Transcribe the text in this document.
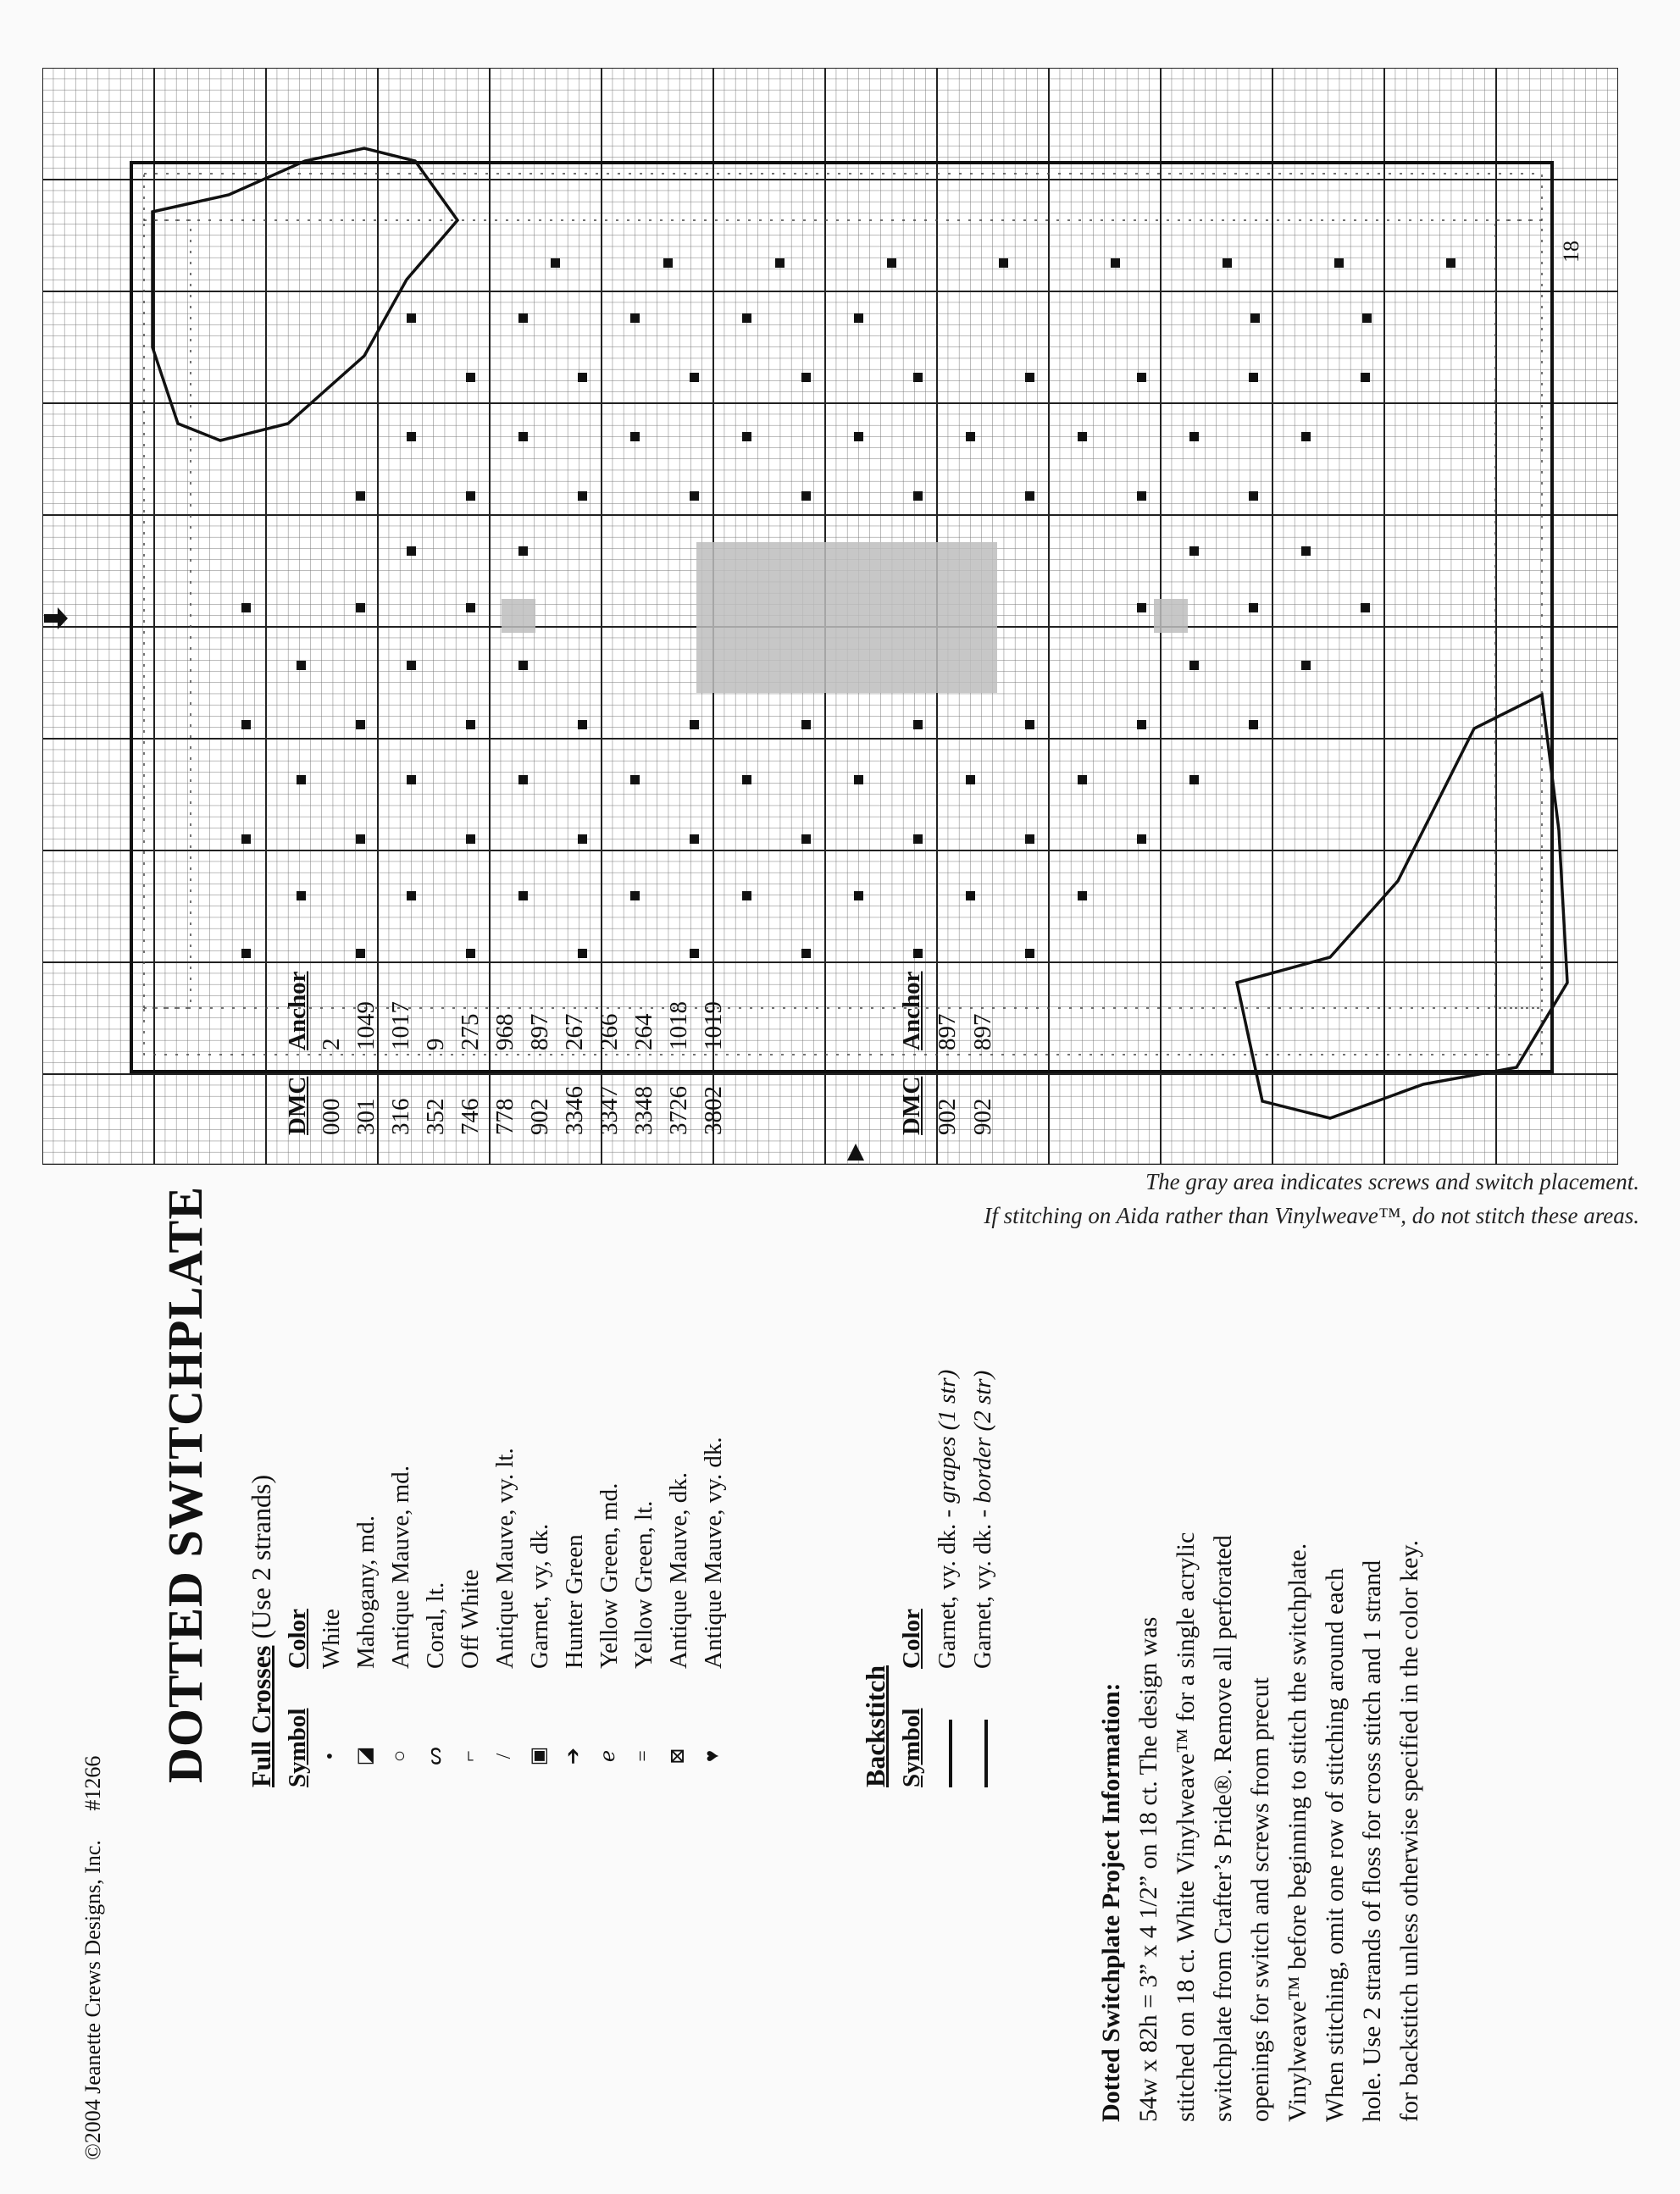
The gray area indicates screws and switch placement.
If stitching on Aida rather than Vinylweave™, do not stitch these areas.
©2004 Jeanette Crews Designs, Inc. #1266
18
DOTTED SWITCHPLATE Full Crosses (Use 2 strands)
Symbol
Color
DMC
Anchor
•
White
000
2
◪
Mahogany, md.
301
1049
○
Antique Mauve, md.
316
1017
ᔕ
Coral, lt.
352
9
⌐
Off White
746
275
/
Antique Mauve, vy. lt.
778
968
▣
Garnet, vy, dk.
902
897
➔
Hunter Green
3346
267
ℯ
Yellow Green, md.
3347
266
=
Yellow Green, lt.
3348
264
⊠
Antique Mauve, dk.
3726
1018
♥
Antique Mauve, vy. dk.
3802
1019
Backstitch Symbol
Color
DMC
Anchor
Garnet, vy. dk. - grapes (1 str)
902
897
Garnet, vy. dk. - border (2 str)
902
897
Dotted Switchplate Project Information: 54w x 82h = 3” x 4 1/2” on 18 ct. The design was stitched on 18 ct. White Vinylweave™ for a single acrylic switchplate from Crafter’s Pride®. Remove all perforated openings for switch and screws from precut Vinylweave™ before beginning to stitch the switchplate. When stitching, omit one row of stitching around each hole. Use 2 strands of floss for cross stitch and 1 strand for backstitch unless otherwise specified in the color key.
